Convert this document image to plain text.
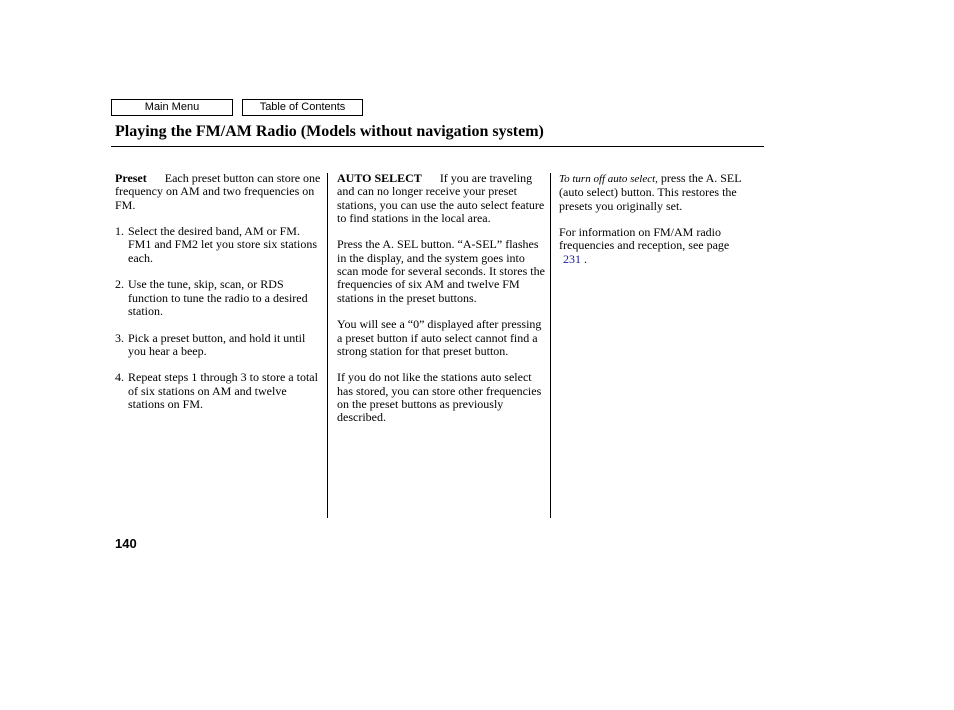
Main Menu	Table of Contents
Playing the FM/AM Radio (Models without navigation system)

Preset Each preset button can store one frequency on AM and two frequencies on FM.

1. Select the desired band, AM or FM. FM1 and FM2 let you store six stations each.
2. Use the tune, skip, scan, or RDS function to tune the radio to a desired station.
3. Pick a preset button, and hold it until you hear a beep.
4. Repeat steps 1 through 3 to store a total of six stations on AM and twelve stations on FM.

AUTO SELECT If you are traveling and can no longer receive your preset stations, you can use the auto select feature to find stations in the local area.

Press the A. SEL button. “A-SEL” flashes in the display, and the system goes into scan mode for several seconds. It stores the frequencies of six AM and twelve FM stations in the preset buttons.

You will see a “0” displayed after pressing a preset button if auto select cannot find a strong station for that preset button.

If you do not like the stations auto select has stored, you can store other frequencies on the preset buttons as previously described.

To turn off auto select, press the A. SEL (auto select) button. This restores the presets you originally set.

For information on FM/AM radio frequencies and reception, see page
231 .

140
